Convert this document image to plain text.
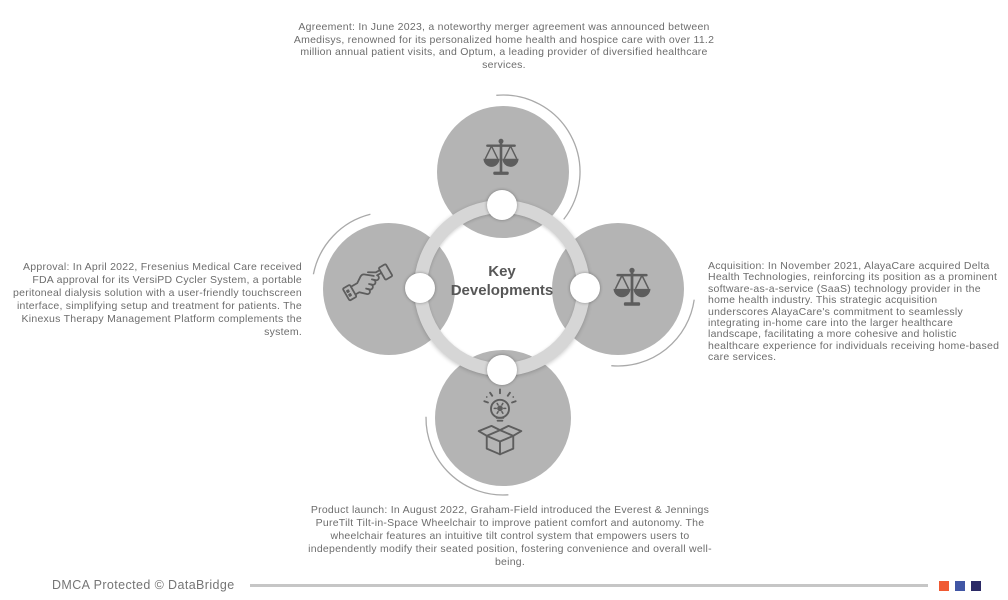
Key Developments
Agreement: In June 2023, a noteworthy merger agreement was announced between Amedisys, renowned for its personalized home health and hospice care with over 11.2 million annual patient visits, and Optum, a leading provider of diversified healthcare services.
Approval: In April 2022, Fresenius Medical Care received FDA approval for its VersiPD Cycler System, a portable peritoneal dialysis solution with a user-friendly touchscreen interface, simplifying setup and treatment for patients. The Kinexus Therapy Management Platform complements the system.
Acquisition: In November 2021, AlayaCare acquired Delta Health Technologies, reinforcing its position as a prominent software-as-a-service (SaaS) technology provider in the home health industry. This strategic acquisition underscores AlayaCare's commitment to seamlessly integrating in-home care into the larger healthcare landscape, facilitating a more cohesive and holistic healthcare experience for individuals receiving home-based care services.
Product launch: In August 2022, Graham-Field introduced the Everest & Jennings PureTilt Tilt-in-Space Wheelchair to improve patient comfort and autonomy. The wheelchair features an intuitive tilt control system that empowers users to independently modify their seated position, fostering convenience and overall well-being.
DMCA Protected © DataBridge
